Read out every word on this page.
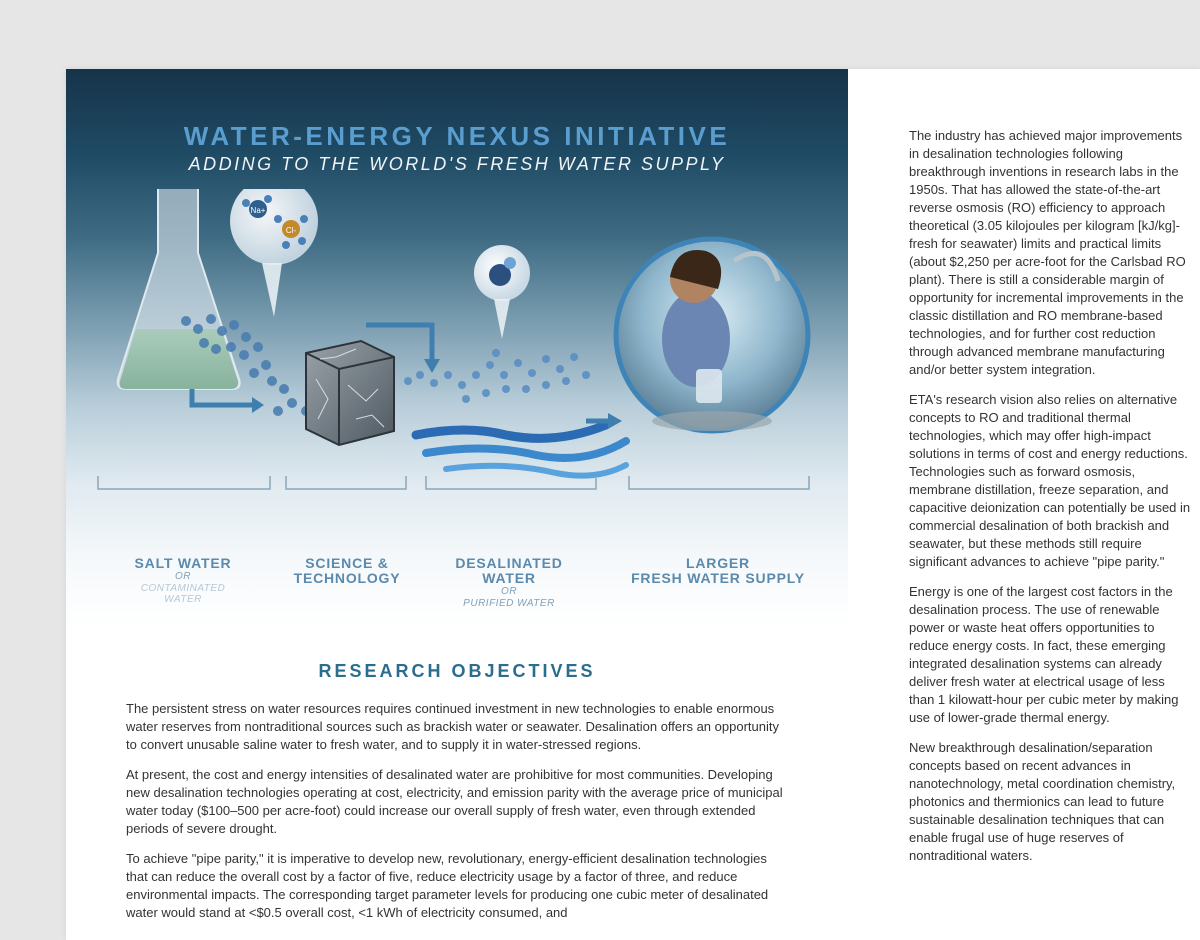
WATER-ENERGY NEXUS INITIATIVE
ADDING TO THE WORLD'S FRESH WATER SUPPLY
Na+
Cl-
SALT WATER
OR
CONTAMINATED WATER
SCIENCE &
TECHNOLOGY
DESALINATED
WATER
OR
PURIFIED WATER
LARGER
FRESH WATER SUPPLY
RESEARCH OBJECTIVES

The persistent stress on water resources requires continued investment in new technologies to enable enormous water reserves from nontraditional sources such as brackish water or seawater. Desalination offers an opportunity to convert unusable saline water to fresh water, and to supply it in water-stressed regions.

At present, the cost and energy intensities of desalinated water are prohibitive for most communities. Developing new desalination technologies operating at cost, electricity, and emission parity with the average price of municipal water today ($100–500 per acre-foot) could increase our overall supply of fresh water, even through extended periods of severe drought.

To achieve "pipe parity," it is imperative to develop new, revolutionary, energy-efficient desalination technologies that can reduce the overall cost by a factor of five, reduce electricity usage by a factor of three, and reduce environmental impacts. The corresponding target parameter levels for producing one cubic meter of desalinated water would stand at <$0.5 overall cost, <1 kWh of electricity consumed, and

The industry has achieved major improvements in desalination technologies following breakthrough inventions in research labs in the 1950s. That has allowed the state-of-the-art reverse osmosis (RO) efficiency to approach theoretical (3.05 kilojoules per kilogram [kJ/kg]-fresh for seawater) limits and practical limits (about $2,250 per acre-foot for the Carlsbad RO plant). There is still a considerable margin of opportunity for incremental improvements in the classic distillation and RO membrane-based technologies, and for further cost reduction through advanced membrane manufacturing and/or better system integration.

ETA's research vision also relies on alternative concepts to RO and traditional thermal technologies, which may offer high-impact solutions in terms of cost and energy reductions. Technologies such as forward osmosis, membrane distillation, freeze separation, and capacitive deionization can potentially be used in commercial desalination of both brackish and seawater, but these methods still require significant advances to achieve "pipe parity."

Energy is one of the largest cost factors in the desalination process. The use of renewable power or waste heat offers opportunities to reduce energy costs. In fact, these emerging integrated desalination systems can already deliver fresh water at electrical usage of less than 1 kilowatt-hour per cubic meter by making use of lower-grade thermal energy.

New breakthrough desalination/separation concepts based on recent advances in nanotechnology, metal coordination chemistry, photonics and thermionics can lead to future sustainable desalination techniques that can enable frugal use of huge reserves of nontraditional waters.
